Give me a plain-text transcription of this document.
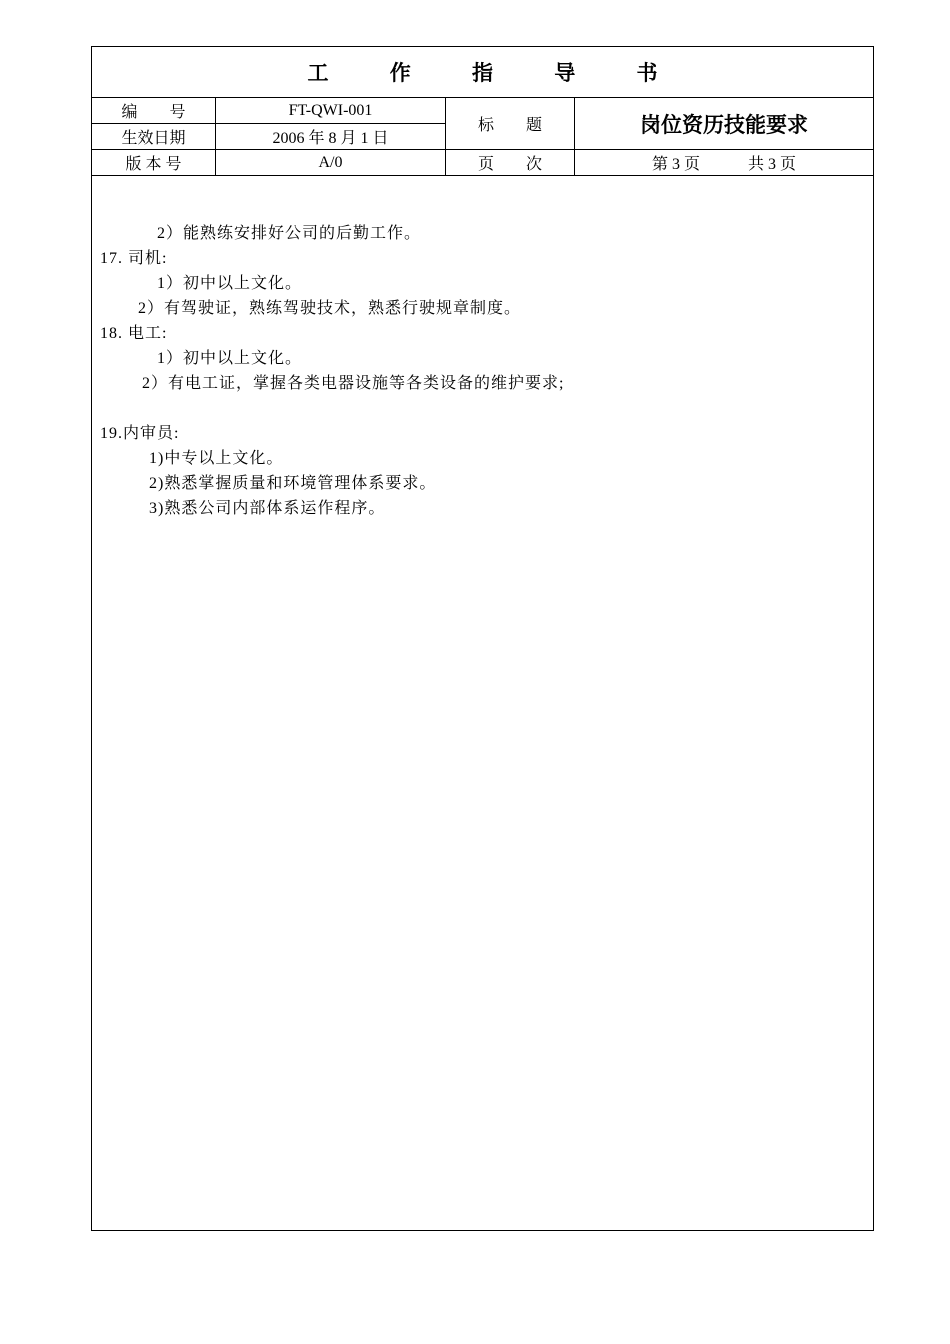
工 作 指 导 书
编　　号	FT-QWI-001
生效日期	2006 年 8 月 1 日
标　　题	岗位资历技能要求
版 本 号	A/0	页　　次	第 3 页　　　共 3 页
2）能熟练安排好公司的后勤工作。
17. 司机:
1）初中以上文化。
2）有驾驶证，熟练驾驶技术，熟悉行驶规章制度。
18. 电工:
1）初中以上文化。
2）有电工证，掌握各类电器设施等各类设备的维护要求;
19.内审员:
1)中专以上文化。
2)熟悉掌握质量和环境管理体系要求。
3)熟悉公司内部体系运作程序。
